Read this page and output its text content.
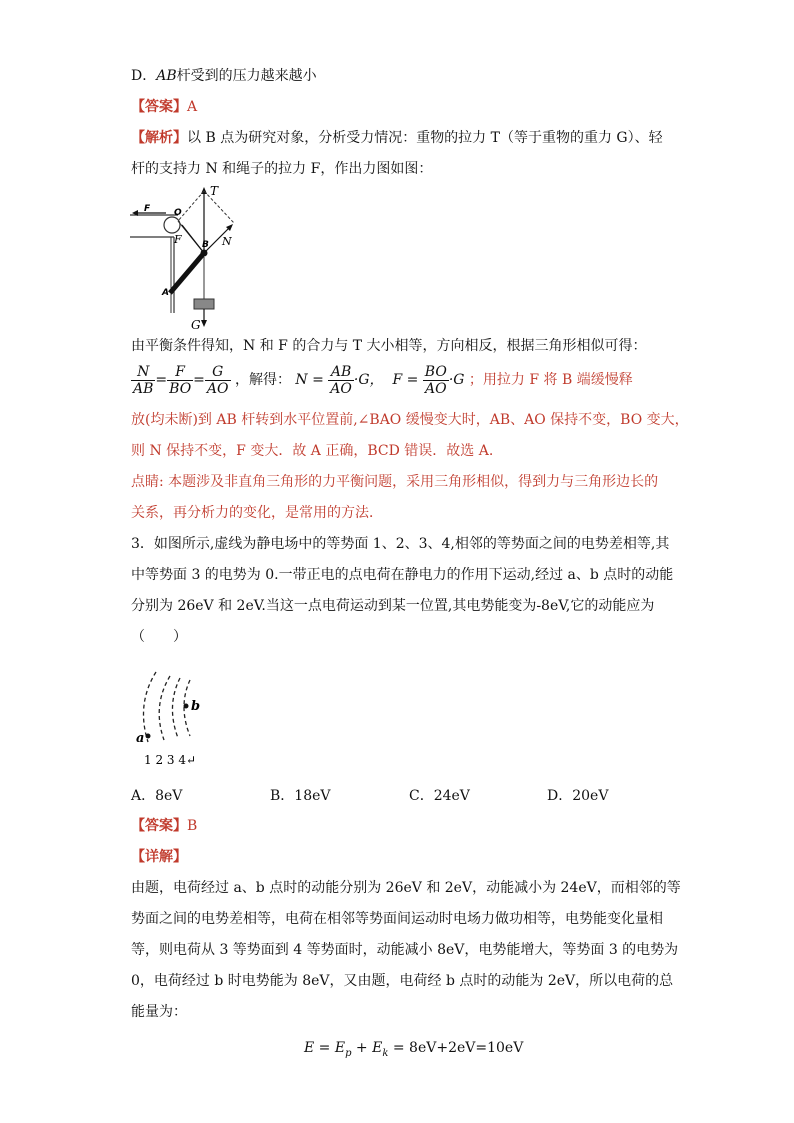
D．AB杆受到的压力越来越小
【答案】A
【解析】以 B 点为研究对象，分析受力情况：重物的拉力 T（等于重物的重力 G）、轻
杆的支持力 N 和绳子的拉力 F，作出力图如图：
T
F	O
F B N
A
G
由平衡条件得知，N 和 F 的合力与 T 大小相等，方向相反，根据三角形相似可得：
$\frac{N}{AB} = \frac{F}{BO} = \frac{G}{AO}$ ，解得： $N = \frac{AB}{AO} \cdot G$， $F = \frac{BO}{AO} \cdot G$ ；用拉力 F 将 B 端缓慢释
放(均未断)到 AB 杆转到水平位置前,∠BAO 缓慢变大时，AB、AO 保持不变，BO 变大，
则 N 保持不变，F 变大．故 A 正确，BCD 错误．故选 A.
点睛: 本题涉及非直角三角形的力平衡问题，采用三角形相似，得到力与三角形边长的
关系，再分析力的变化，是常用的方法．
3．如图所示,虚线为静电场中的等势面 1、2、3、4,相邻的等势面之间的电势差相等,其
中等势面 3 的电势为 0.一带正电的点电荷在静电力的作用下运动,经过 a、b 点时的动能
分别为 26eV 和 2eV.当这一点电荷运动到某一位置,其电势能变为-8eV,它的动能应为
（　　）
a
b
1 2 3 4↵
A．8eV	B．18eV	C．24eV	D．20eV
【答案】B
【详解】
由题，电荷经过 a、b 点时的动能分别为 26eV 和 2eV，动能减小为 24eV，而相邻的等
势面之间的电势差相等，电荷在相邻等势面间运动时电场力做功相等，电势能变化量相
等，则电荷从 3 等势面到 4 等势面时，动能减小 8eV，电势能增大，等势面 3 的电势为
0，电荷经过 b 时电势能为 8eV，又由题，电荷经 b 点时的动能为 2eV，所以电荷的总
能量为：
$E = E_p + E_k = 8eV+2eV=10eV$
